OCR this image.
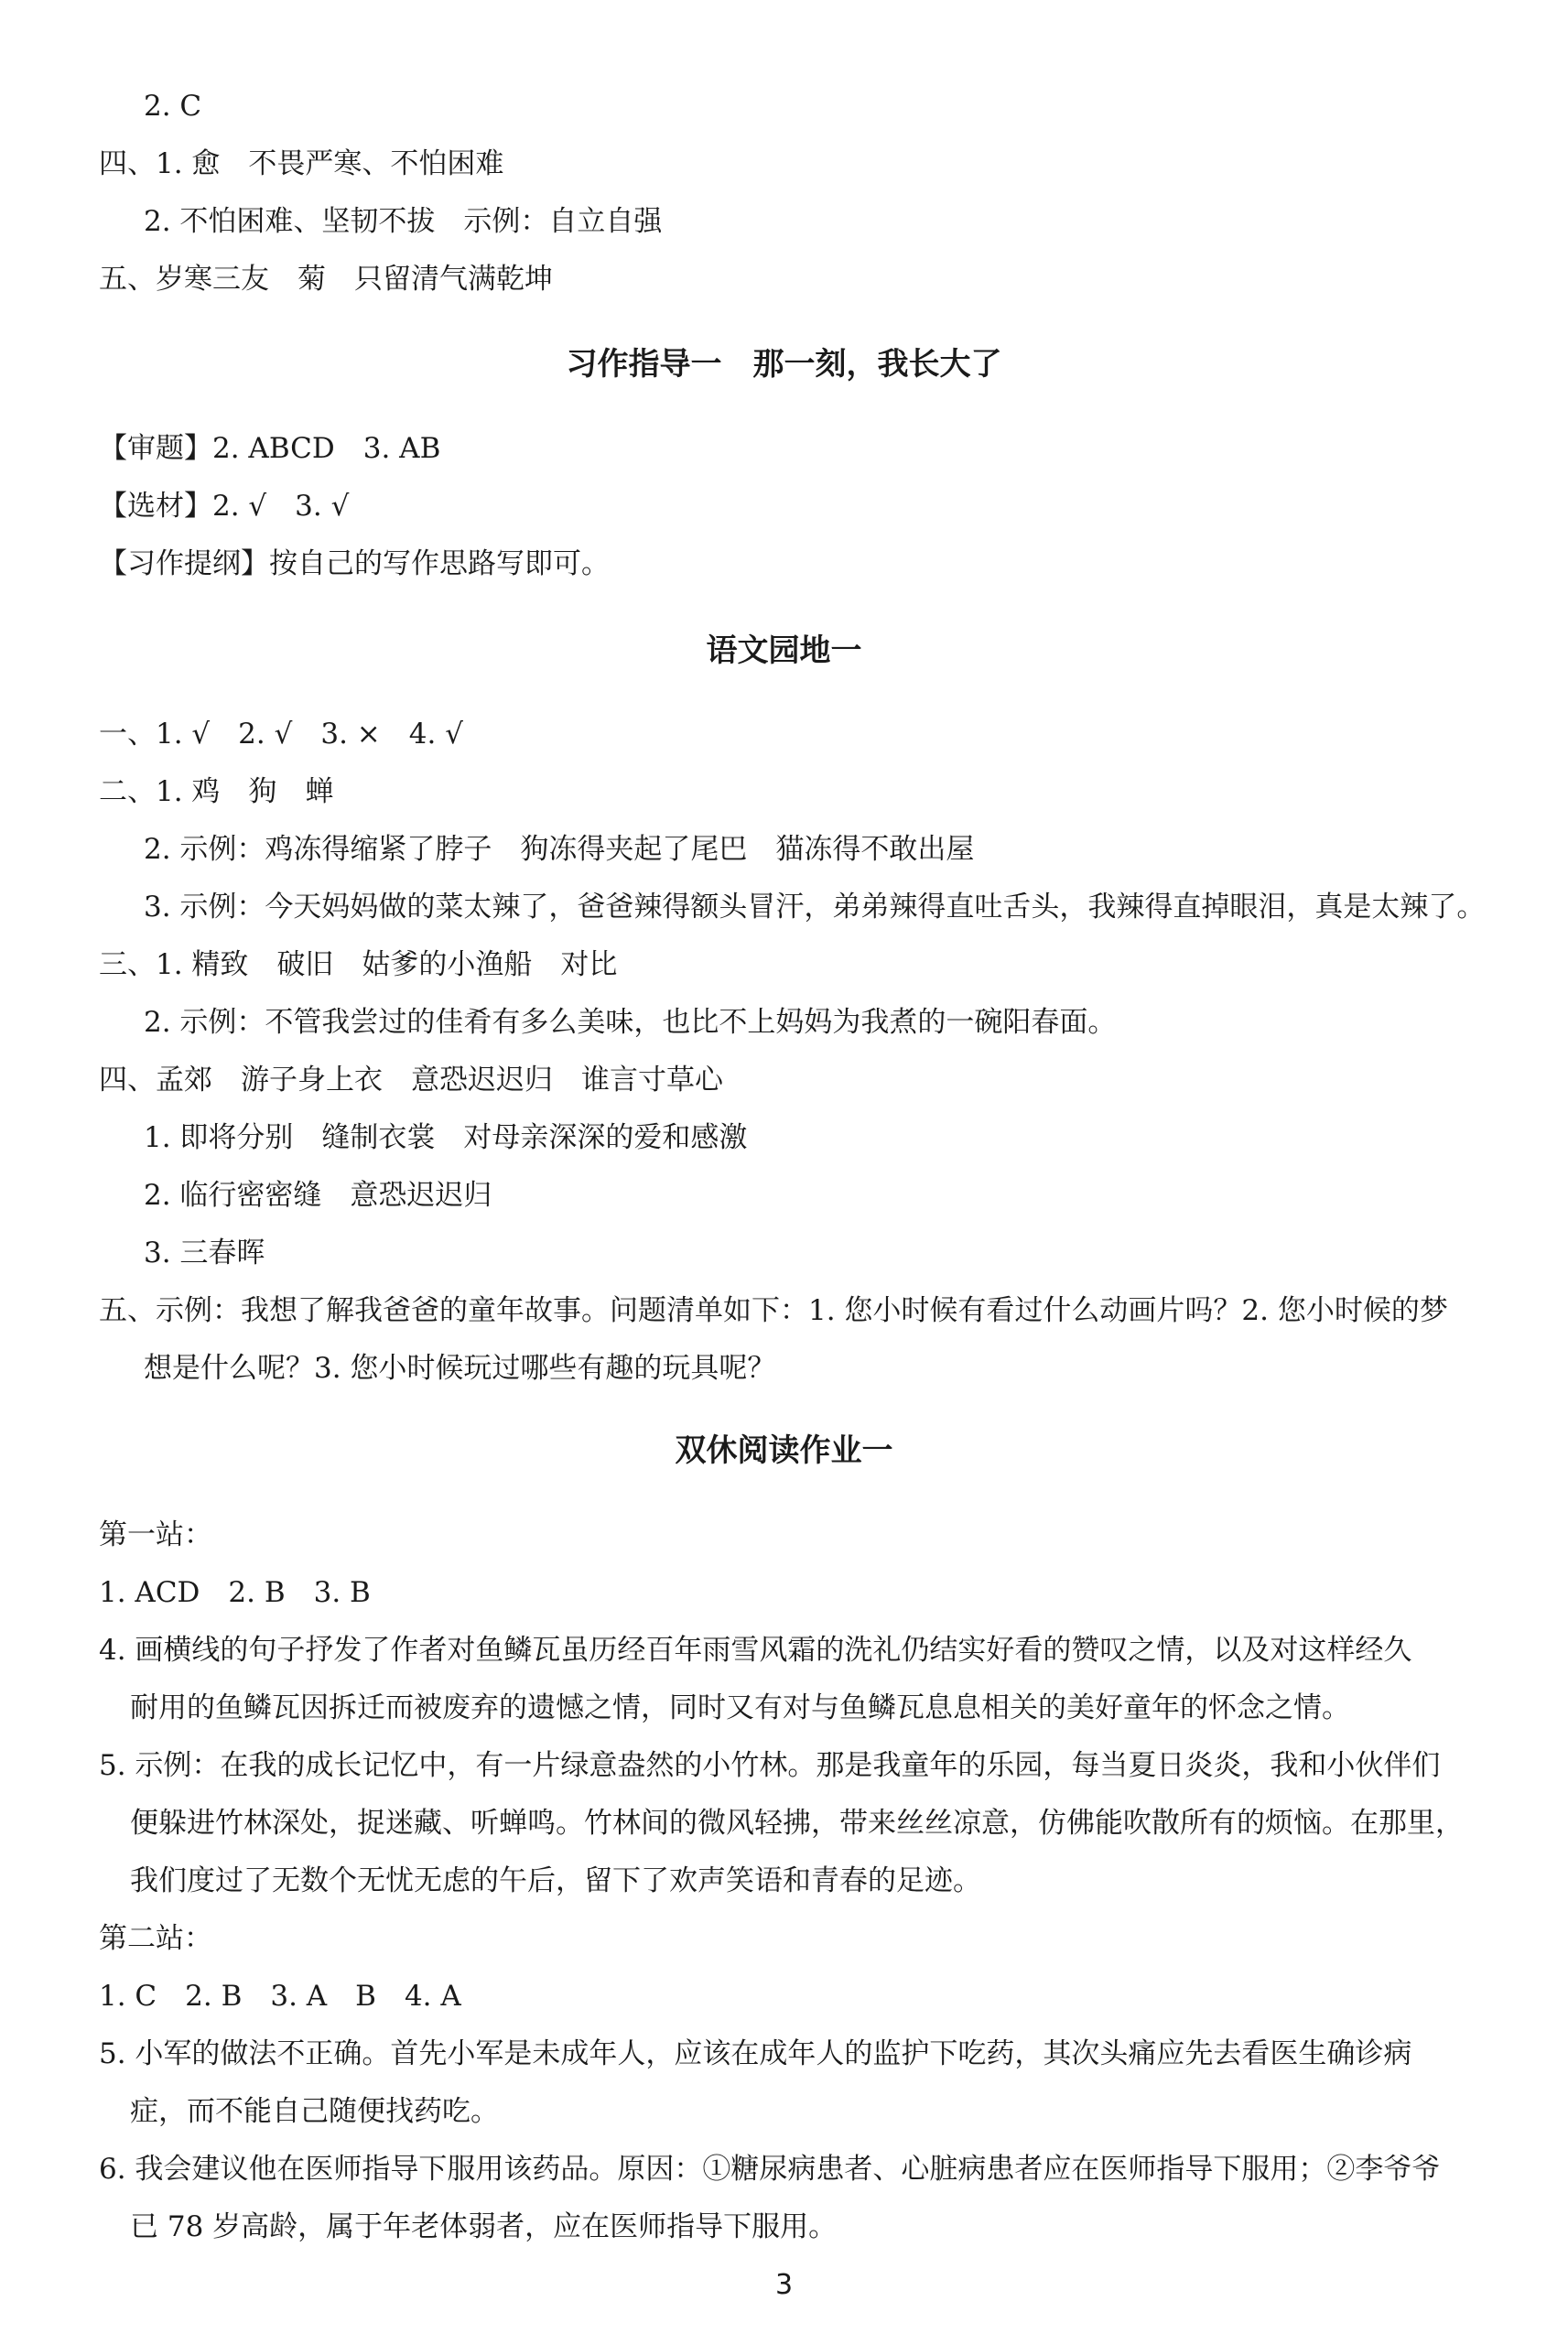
2. C
四、1. 愈　不畏严寒、不怕困难
2. 不怕困难、坚韧不拔　示例：自立自强
五、岁寒三友　菊　只留清气满乾坤
习作指导一　那一刻，我长大了
【审题】2. ABCD　3. AB
【选材】2. √　3. √
【习作提纲】按自己的写作思路写即可。
语文园地一
一、1. √　2. √　3. ×　4. √
二、1. 鸡　狗　蝉
2. 示例：鸡冻得缩紧了脖子　狗冻得夹起了尾巴　猫冻得不敢出屋
3. 示例：今天妈妈做的菜太辣了，爸爸辣得额头冒汗，弟弟辣得直吐舌头，我辣得直掉眼泪，真是太辣了。
三、1. 精致　破旧　姑爹的小渔船　对比
2. 示例：不管我尝过的佳肴有多么美味，也比不上妈妈为我煮的一碗阳春面。
四、孟郊　游子身上衣　意恐迟迟归　谁言寸草心
1. 即将分别　缝制衣裳　对母亲深深的爱和感激
2. 临行密密缝　意恐迟迟归
3. 三春晖
五、示例：我想了解我爸爸的童年故事。问题清单如下：1. 您小时候有看过什么动画片吗？2. 您小时候的梦
想是什么呢？3. 您小时候玩过哪些有趣的玩具呢？
双休阅读作业一
第一站：
1. ACD　2. B　3. B
4. 画横线的句子抒发了作者对鱼鳞瓦虽历经百年雨雪风霜的洗礼仍结实好看的赞叹之情，以及对这样经久
耐用的鱼鳞瓦因拆迁而被废弃的遗憾之情，同时又有对与鱼鳞瓦息息相关的美好童年的怀念之情。
5. 示例：在我的成长记忆中，有一片绿意盎然的小竹林。那是我童年的乐园，每当夏日炎炎，我和小伙伴们
便躲进竹林深处，捉迷藏、听蝉鸣。竹林间的微风轻拂，带来丝丝凉意，仿佛能吹散所有的烦恼。在那里，
我们度过了无数个无忧无虑的午后，留下了欢声笑语和青春的足迹。
第二站：
1. C　2. B　3. A　B　4. A
5. 小军的做法不正确。首先小军是未成年人，应该在成年人的监护下吃药，其次头痛应先去看医生确诊病
症，而不能自己随便找药吃。
6. 我会建议他在医师指导下服用该药品。原因：①糖尿病患者、心脏病患者应在医师指导下服用；②李爷爷
已 78 岁高龄，属于年老体弱者，应在医师指导下服用。
3
